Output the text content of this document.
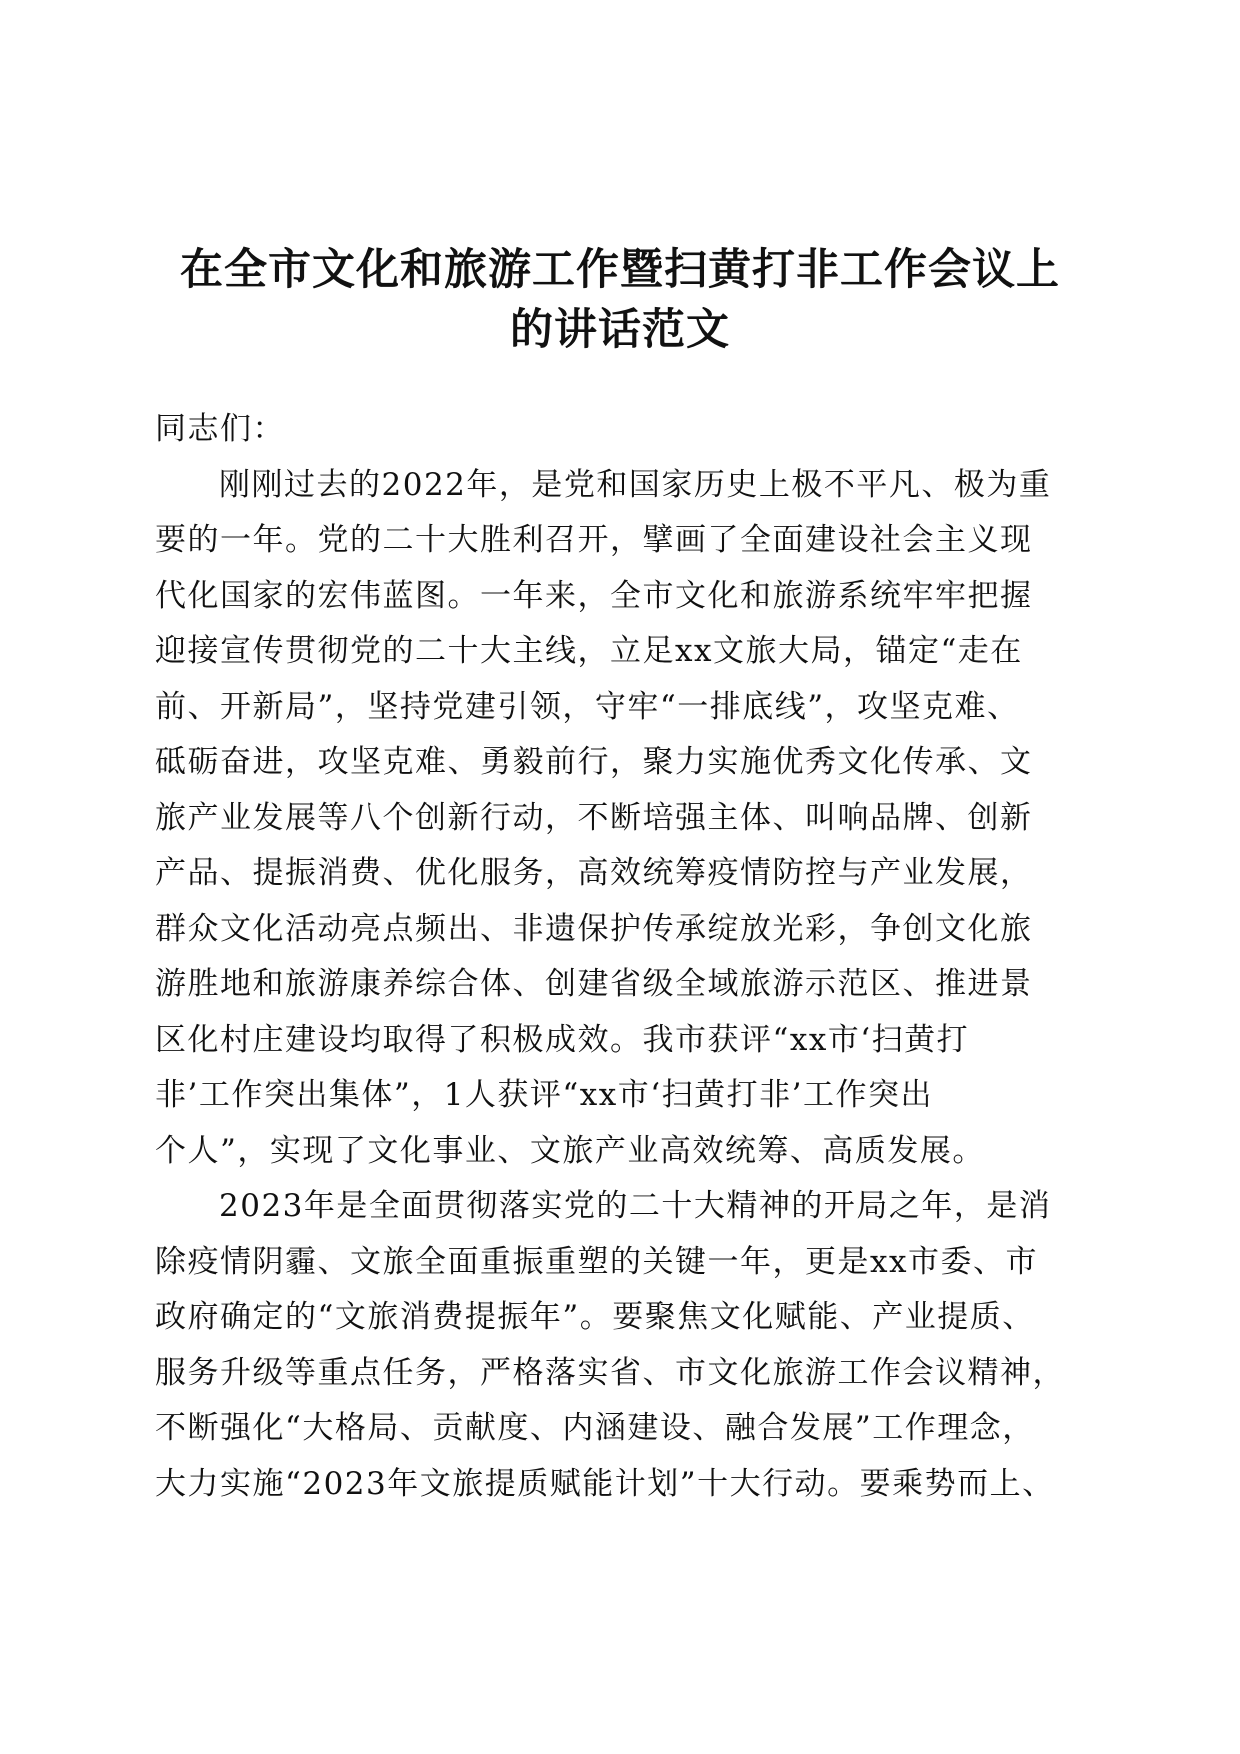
在全市文化和旅游工作暨扫黄打非工作会议上
的讲话范文
同志们：
刚刚过去的2022年，是党和国家历史上极不平凡、极为重
要的一年。党的二十大胜利召开，擘画了全面建设社会主义现
代化国家的宏伟蓝图。一年来，全市文化和旅游系统牢牢把握
迎接宣传贯彻党的二十大主线，立足xx文旅大局，锚定“走在
前、开新局”，坚持党建引领，守牢“一排底线”，攻坚克难、
砥砺奋进，攻坚克难、勇毅前行，聚力实施优秀文化传承、文
旅产业发展等八个创新行动，不断培强主体、叫响品牌、创新
产品、提振消费、优化服务，高效统筹疫情防控与产业发展，
群众文化活动亮点频出、非遗保护传承绽放光彩，争创文化旅
游胜地和旅游康养综合体、创建省级全域旅游示范区、推进景
区化村庄建设均取得了积极成效。我市获评“xx市‘扫黄打
非’工作突出集体”，1人获评“xx市‘扫黄打非’工作突出
个人”，实现了文化事业、文旅产业高效统筹、高质发展。
2023年是全面贯彻落实党的二十大精神的开局之年，是消
除疫情阴霾、文旅全面重振重塑的关键一年，更是xx市委、市
政府确定的“文旅消费提振年”。要聚焦文化赋能、产业提质、
服务升级等重点任务，严格落实省、市文化旅游工作会议精神，
不断强化“大格局、贡献度、内涵建设、融合发展”工作理念，
大力实施“2023年文旅提质赋能计划”十大行动。要乘势而上、
